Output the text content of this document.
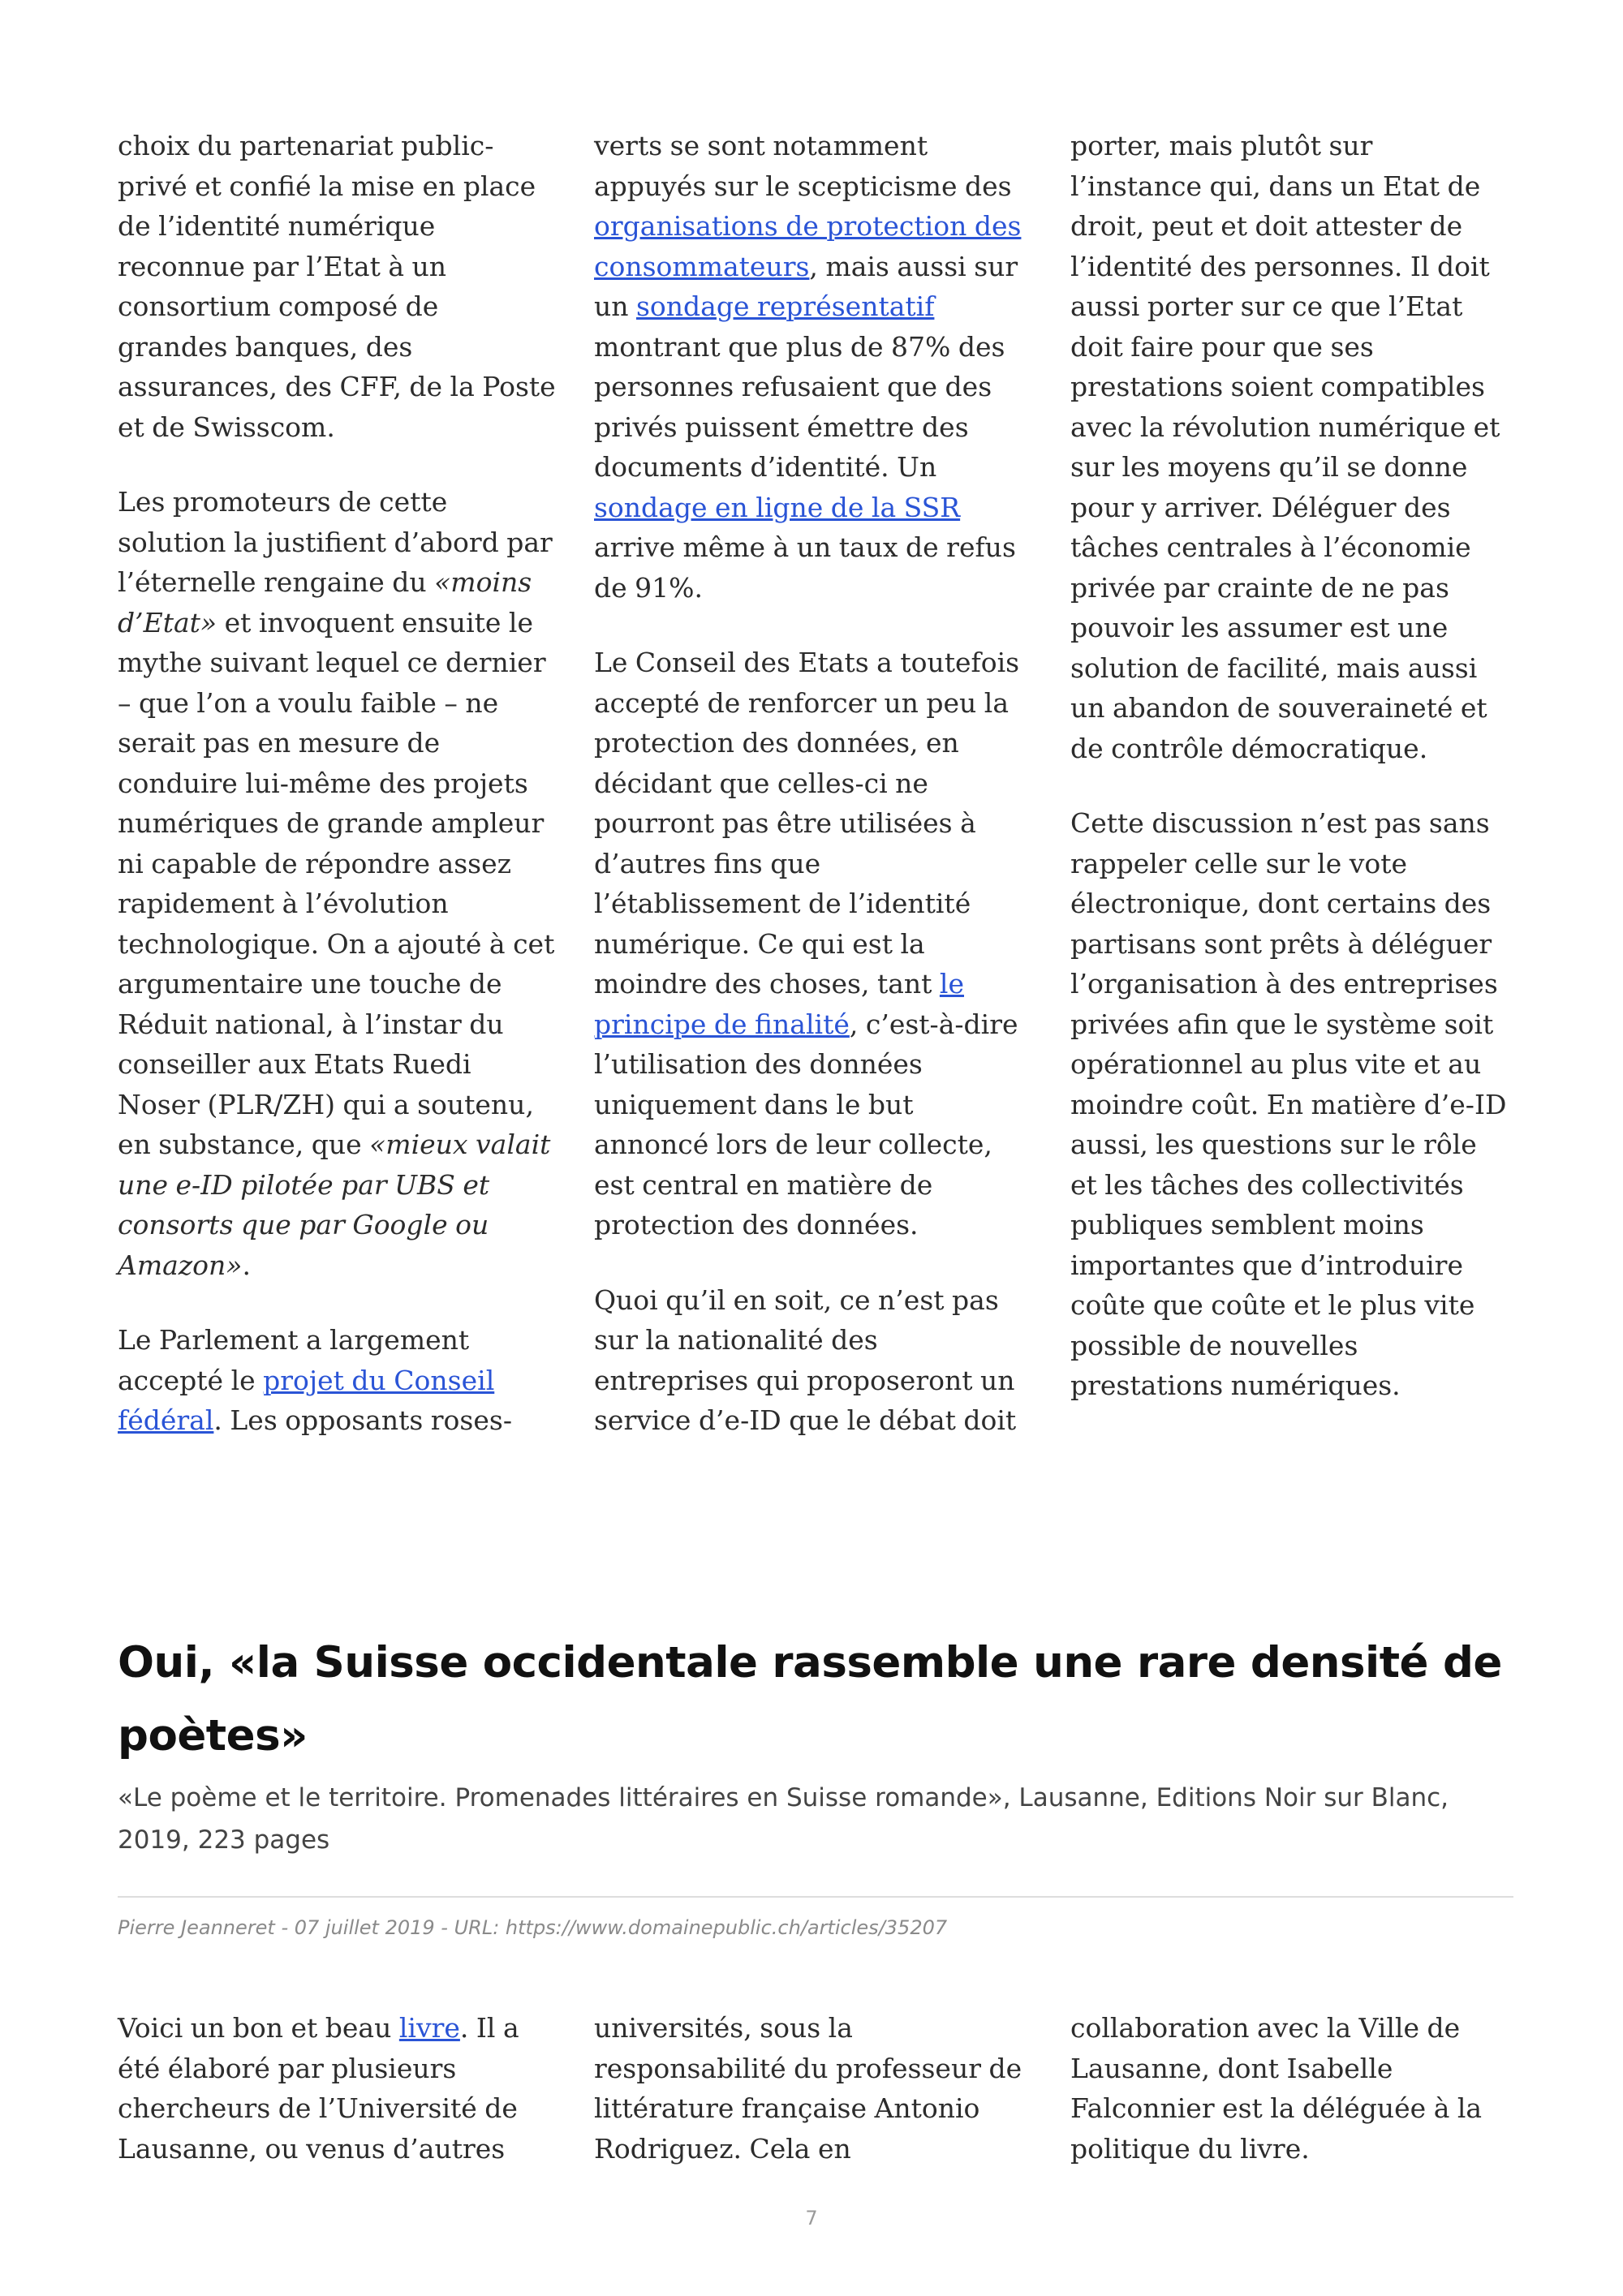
choix du partenariat public-privé et confié la mise en place de l’identité numérique reconnue par l’Etat à un consortium composé de grandes banques, des assurances, des CFF, de la Poste et de Swisscom.

Les promoteurs de cette solution la justifient d’abord par l’éternelle rengaine du «moins d’Etat» et invoquent ensuite le mythe suivant lequel ce dernier – que l’on a voulu faible – ne serait pas en mesure de conduire lui-même des projets numériques de grande ampleur ni capable de répondre assez rapidement à l’évolution technologique. On a ajouté à cet argumentaire une touche de Réduit national, à l’instar du conseiller aux Etats Ruedi Noser (PLR/ZH) qui a soutenu, en substance, que «mieux valait une e-ID pilotée par UBS et consorts que par Google ou Amazon».

Le Parlement a largement accepté le projet du Conseil fédéral. Les opposants roses-

verts se sont notamment appuyés sur le scepticisme des organisations de protection des consommateurs, mais aussi sur un sondage représentatif montrant que plus de 87% des personnes refusaient que des privés puissent émettre des documents d’identité. Un sondage en ligne de la SSR arrive même à un taux de refus de 91%.

Le Conseil des Etats a toutefois accepté de renforcer un peu la protection des données, en décidant que celles-ci ne pourront pas être utilisées à d’autres fins que l’établissement de l’identité numérique. Ce qui est la moindre des choses, tant le principe de finalité, c’est-à-dire l’utilisation des données uniquement dans le but annoncé lors de leur collecte, est central en matière de protection des données.

Quoi qu’il en soit, ce n’est pas sur la nationalité des entreprises qui proposeront un service d’e-ID que le débat doit

porter, mais plutôt sur l’instance qui, dans un Etat de droit, peut et doit attester de l’identité des personnes. Il doit aussi porter sur ce que l’Etat doit faire pour que ses prestations soient compatibles avec la révolution numérique et sur les moyens qu’il se donne pour y arriver. Déléguer des tâches centrales à l’économie privée par crainte de ne pas pouvoir les assumer est une solution de facilité, mais aussi un abandon de souveraineté et de contrôle démocratique.

Cette discussion n’est pas sans rappeler celle sur le vote électronique, dont certains des partisans sont prêts à déléguer l’organisation à des entreprises privées afin que le système soit opérationnel au plus vite et au moindre coût. En matière d’e-ID aussi, les questions sur le rôle et les tâches des collectivités publiques semblent moins importantes que d’introduire coûte que coûte et le plus vite possible de nouvelles prestations numériques.

Oui, «la Suisse occidentale rassemble une rare densité de poètes»
«Le poème et le territoire. Promenades littéraires en Suisse romande», Lausanne, Editions Noir sur Blanc, 2019, 223 pages
Pierre Jeanneret - 07 juillet 2019 - URL: https://www.domainepublic.ch/articles/35207

Voici un bon et beau livre. Il a été élaboré par plusieurs chercheurs de l’Université de Lausanne, ou venus d’autres

universités, sous la responsabilité du professeur de littérature française Antonio Rodriguez. Cela en

collaboration avec la Ville de Lausanne, dont Isabelle Falconnier est la déléguée à la politique du livre.

7
